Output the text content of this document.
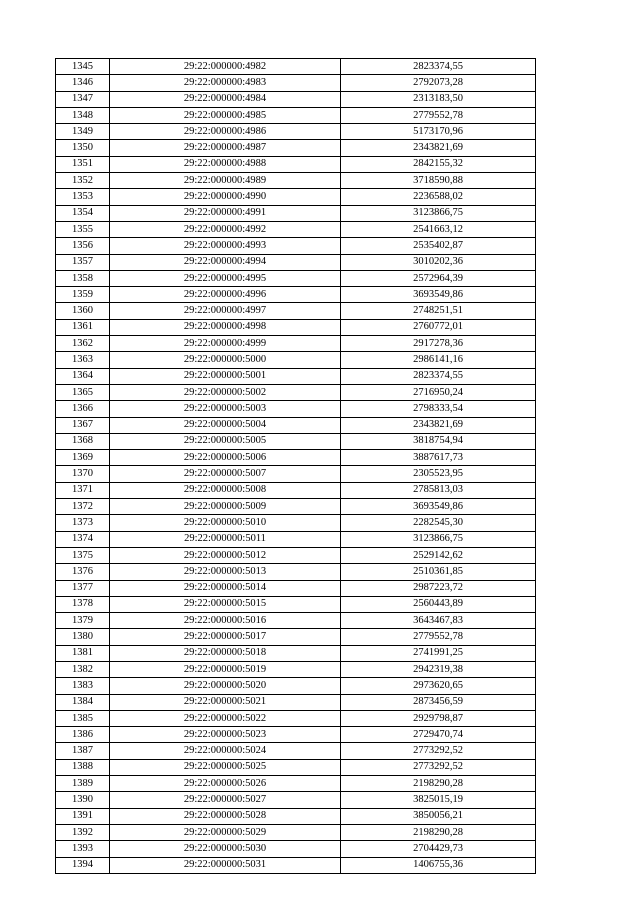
1345	29:22:000000:4982	2823374,55
1346	29:22:000000:4983	2792073,28
1347	29:22:000000:4984	2313183,50
1348	29:22:000000:4985	2779552,78
1349	29:22:000000:4986	5173170,96
1350	29:22:000000:4987	2343821,69
1351	29:22:000000:4988	2842155,32
1352	29:22:000000:4989	3718590,88
1353	29:22:000000:4990	2236588,02
1354	29:22:000000:4991	3123866,75
1355	29:22:000000:4992	2541663,12
1356	29:22:000000:4993	2535402,87
1357	29:22:000000:4994	3010202,36
1358	29:22:000000:4995	2572964,39
1359	29:22:000000:4996	3693549,86
1360	29:22:000000:4997	2748251,51
1361	29:22:000000:4998	2760772,01
1362	29:22:000000:4999	2917278,36
1363	29:22:000000:5000	2986141,16
1364	29:22:000000:5001	2823374,55
1365	29:22:000000:5002	2716950,24
1366	29:22:000000:5003	2798333,54
1367	29:22:000000:5004	2343821,69
1368	29:22:000000:5005	3818754,94
1369	29:22:000000:5006	3887617,73
1370	29:22:000000:5007	2305523,95
1371	29:22:000000:5008	2785813,03
1372	29:22:000000:5009	3693549,86
1373	29:22:000000:5010	2282545,30
1374	29:22:000000:5011	3123866,75
1375	29:22:000000:5012	2529142,62
1376	29:22:000000:5013	2510361,85
1377	29:22:000000:5014	2987223,72
1378	29:22:000000:5015	2560443,89
1379	29:22:000000:5016	3643467,83
1380	29:22:000000:5017	2779552,78
1381	29:22:000000:5018	2741991,25
1382	29:22:000000:5019	2942319,38
1383	29:22:000000:5020	2973620,65
1384	29:22:000000:5021	2873456,59
1385	29:22:000000:5022	2929798,87
1386	29:22:000000:5023	2729470,74
1387	29:22:000000:5024	2773292,52
1388	29:22:000000:5025	2773292,52
1389	29:22:000000:5026	2198290,28
1390	29:22:000000:5027	3825015,19
1391	29:22:000000:5028	3850056,21
1392	29:22:000000:5029	2198290,28
1393	29:22:000000:5030	2704429,73
1394	29:22:000000:5031	1406755,36
